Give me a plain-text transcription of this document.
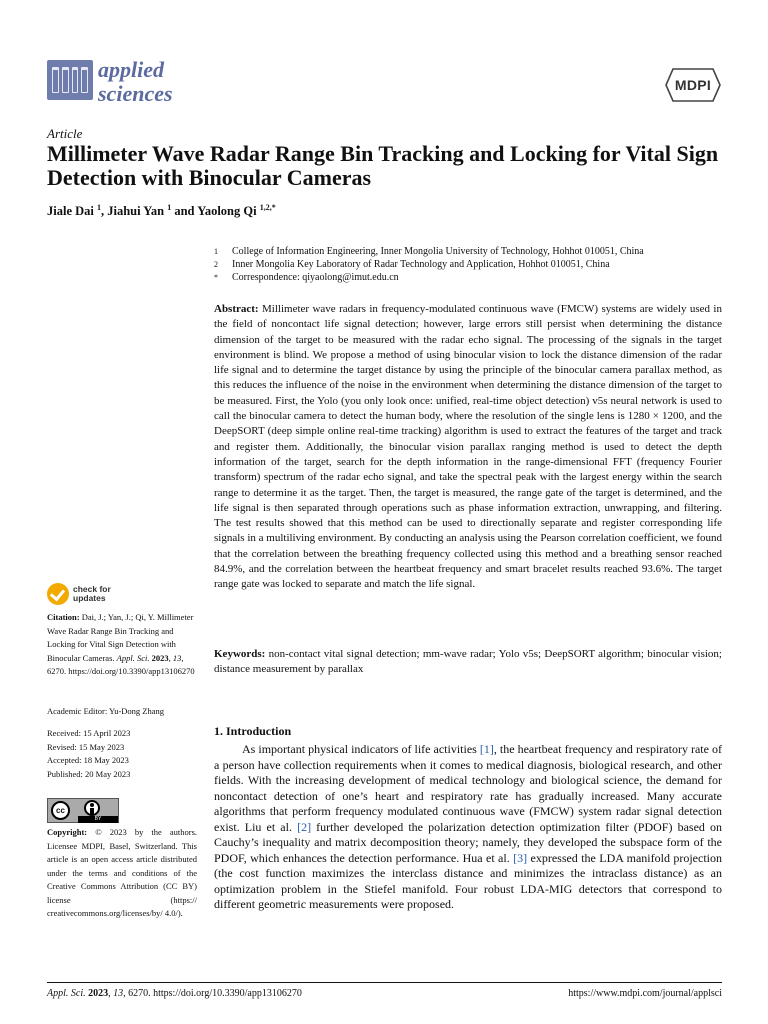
applied
sciences	MDPI
Article
Millimeter Wave Radar Range Bin Tracking and Locking for Vital Sign Detection with Binocular Cameras
Jiale Dai $^1$, Jiahui Yan $^1$ and Yaolong Qi $^{1,2,*}$
1 College of Information Engineering, Inner Mongolia University of Technology, Hohhot 010051, China
2 Inner Mongolia Key Laboratory of Radar Technology and Application, Hohhot 010051, China
* Correspondence: qiyaolong@imut.edu.cn
Abstract: Millimeter wave radars in frequency-modulated continuous wave (FMCW) systems are widely used in the field of noncontact life signal detection; however, large errors still persist when determining the distance dimension of the target to be measured with the radar echo signal. The processing of the signals in the target environment is blind. We propose a method of using binocular vision to lock the distance dimension of the radar life signal and to determine the target distance by using the principle of the binocular camera parallax method, as this reduces the influence of the noise in the environment when determining the distance dimension of the target to be measured. First, the Yolo (you only look once: unified, real-time object detection) v5s neural network is used to call the binocular camera to detect the human body, where the resolution of the single lens is 1280 × 1200, and the DeepSORT (deep simple online real-time tracking) algorithm is used to extract the features of the target and track and register them. Additionally, the binocular vision parallax ranging method is used to detect the depth information of the target, search for the depth information in the range-dimensional FFT (frequency Fourier transform) spectrum of the radar echo signal, and take the spectral peak with the largest energy within the search range to determine it as the target. Then, the target is measured, the range gate of the target is determined, and the life signal is then separated through operations such as phase information extraction, unwrapping, and filtering. The test results showed that this method can be used to directionally separate and register corresponding life signals in a multiliving environment. By conducting an analysis using the Pearson correlation coefficient, we found that the correlation between the breathing frequency collected using this method and a breathing sensor reached 84.9%, and the correlation between the heartbeat frequency and smart bracelet results reached 93.6%. The target range gate was locked to separate and match the life signal.
Keywords: non-contact vital signal detection; mm-wave radar; Yolo v5s; DeepSORT algorithm; binocular vision; distance measurement by parallax
1. Introduction
As important physical indicators of life activities [1], the heartbeat frequency and respiratory rate of a person have collection requirements when it comes to medical diagnosis, biological research, and other fields. With the increasing development of medical technology and biological science, the demand for noncontact detection of one’s heart and respiratory rate has gradually increased. Many accurate algorithms that perform frequency modulated continuous wave (FMCW) system radar signal detection exist. Liu et al. [2] further developed the polarization detection optimization filter (PDOF) based on Cauchy’s inequality and matrix decomposition theory; namely, they developed the subspace form of the PDOF, which enhances the detection performance. Hua et al. [3] expressed the LDA manifold projection (the cost function maximizes the interclass distance and minimizes the intraclass distance) as an optimization problem in the Stiefel manifold. Four robust LDA-MIG detectors that correspond to different geometric measurements were proposed.
check for
updates
Citation: Dai, J.; Yan, J.; Qi, Y. Millimeter Wave Radar Range Bin Tracking and Locking for Vital Sign Detection with Binocular Cameras. Appl. Sci. 2023, 13, 6270. https://doi.org/10.3390/app13106270
Academic Editor: Yu-Dong Zhang
Received: 15 April 2023
Revised: 15 May 2023
Accepted: 18 May 2023
Published: 20 May 2023
cc
BY
Copyright: © 2023 by the authors. Licensee MDPI, Basel, Switzerland. This article is an open access article distributed under the terms and conditions of the Creative Commons Attribution (CC BY) license (https:// creativecommons.org/licenses/by/ 4.0/).
Appl. Sci. 2023, 13, 6270. https://doi.org/10.3390/app13106270	https://www.mdpi.com/journal/applsci
